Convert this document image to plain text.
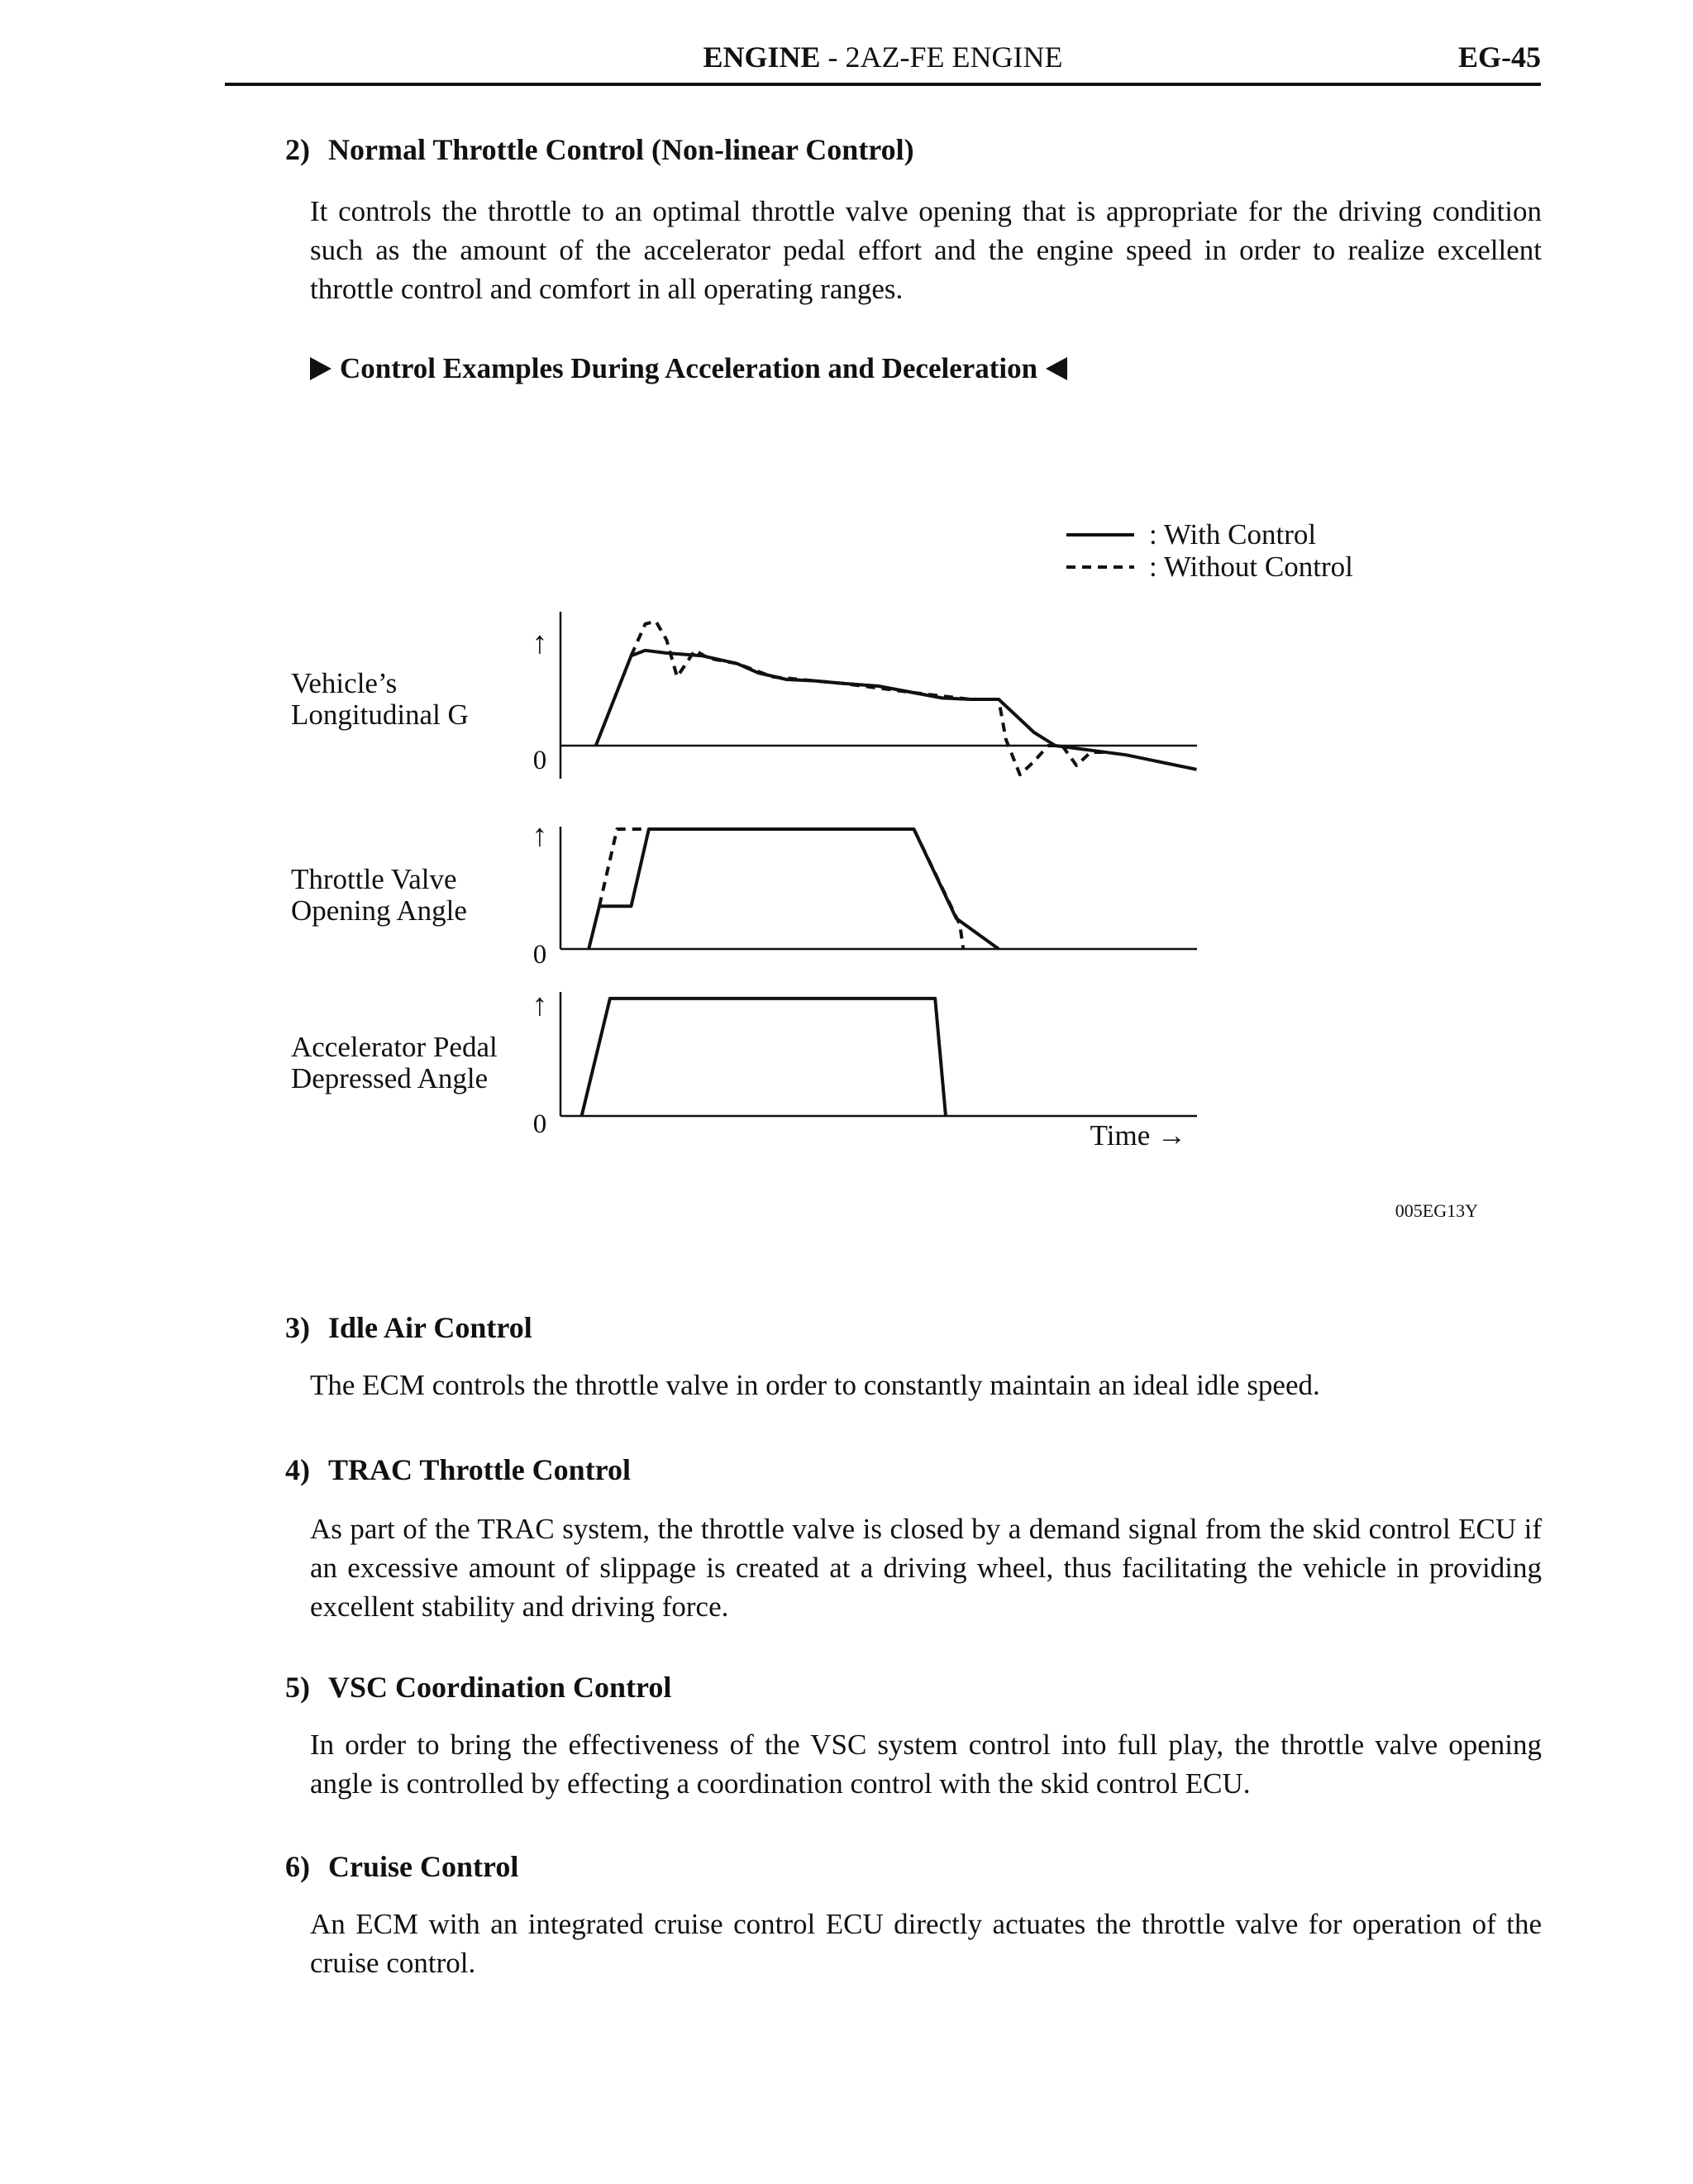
ENGINE - 2AZ-FE ENGINE	EG-45
2) Normal Throttle Control (Non-linear Control)
It controls the throttle to an optimal throttle valve opening that is appropriate for the driving condition such as the amount of the accelerator pedal effort and the engine speed in order to realize excellent throttle control and comfort in all operating ranges.
Control Examples During Acceleration and Deceleration
: With Control
: Without Control
Vehicle’s
Longitudinal G
↑
0
Throttle Valve
Opening Angle
↑
0
Accelerator Pedal
Depressed Angle
↑
0	Time →
005EG13Y
3) Idle Air Control
The ECM controls the throttle valve in order to constantly maintain an ideal idle speed.
4) TRAC Throttle Control
As part of the TRAC system, the throttle valve is closed by a demand signal from the skid control ECU if an excessive amount of slippage is created at a driving wheel, thus facilitating the vehicle in providing excellent stability and driving force.
5) VSC Coordination Control
In order to bring the effectiveness of the VSC system control into full play, the throttle valve opening angle is controlled by effecting a coordination control with the skid control ECU.
6) Cruise Control
An ECM with an integrated cruise control ECU directly actuates the throttle valve for operation of the cruise control.
